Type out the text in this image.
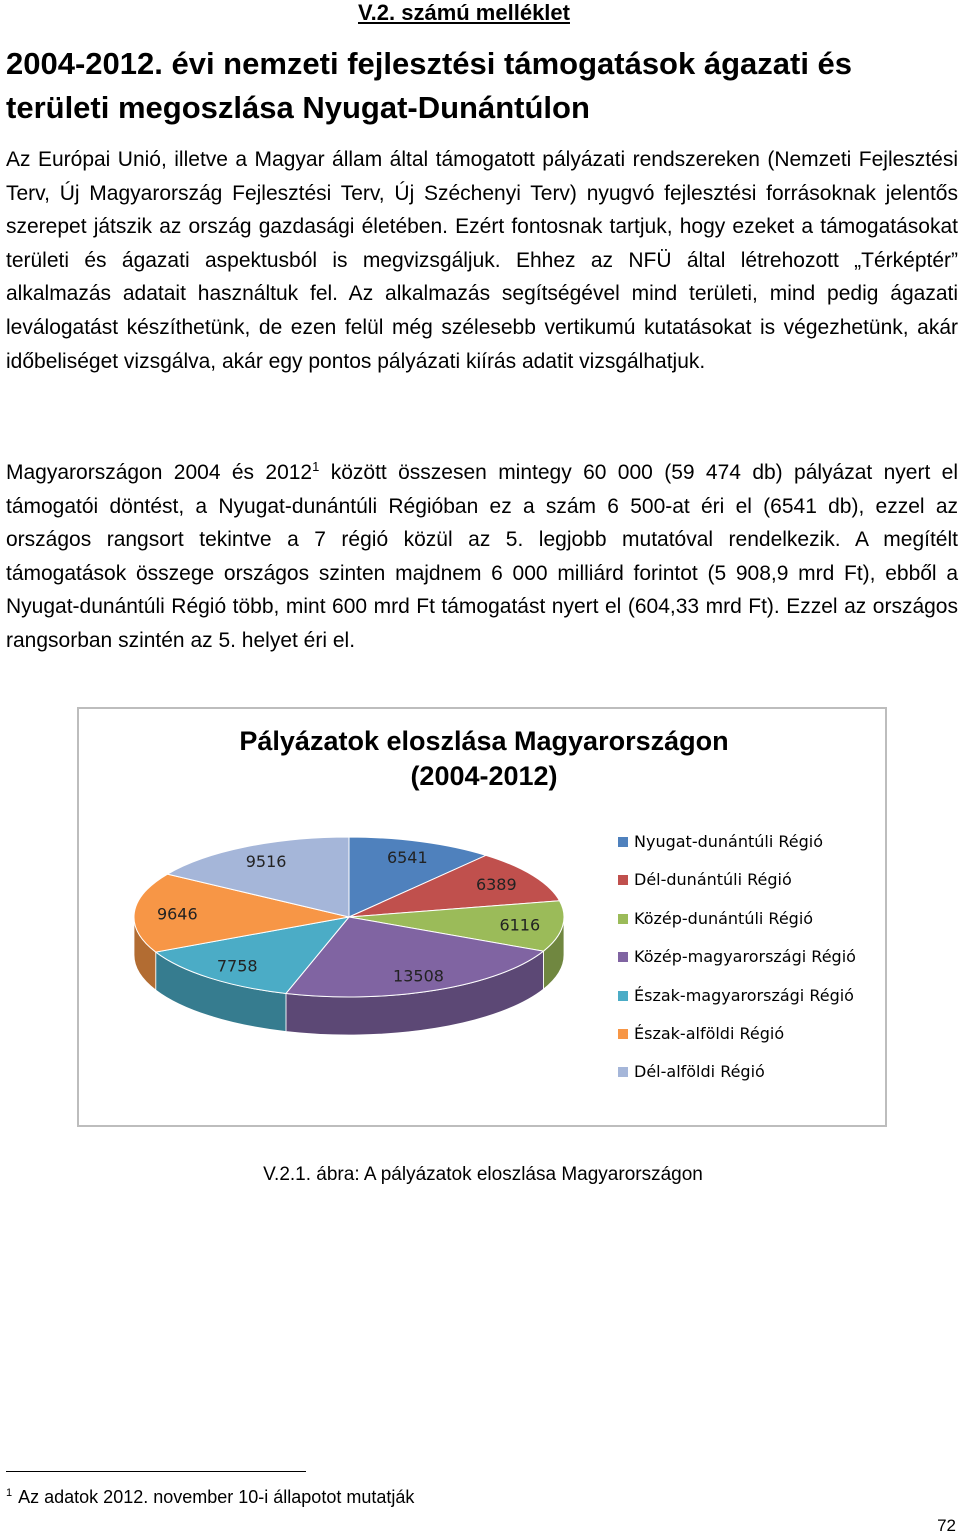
V.2. számú melléklet

2004-2012. évi nemzeti fejlesztési támogatások ágazati és
területi megoszlása Nyugat-Dunántúlon

Az Európai Unió, illetve a Magyar állam által támogatott pályázati rendszereken (Nemzeti Fejlesztési Terv, Új Magyarország Fejlesztési Terv, Új Széchenyi Terv) nyugvó fejlesztési forrásoknak jelentős szerepet játszik az ország gazdasági életében. Ezért fontosnak tartjuk, hogy ezeket a támogatásokat területi és ágazati aspektusból is megvizsgáljuk. Ehhez az NFÜ által létrehozott „Térképtér” alkalmazás adatait használtuk fel. Az alkalmazás segítségével mind területi, mind pedig ágazati leválogatást készíthetünk, de ezen felül még szélesebb vertikumú kutatásokat is végezhetünk, akár időbeliséget vizsgálva, akár egy pontos pályázati kiírás adatit vizsgálhatjuk.

Magyarországon 2004 és 2012$^1$ között összesen mintegy 60 000 (59 474 db) pályázat nyert el támogatói döntést, a Nyugat-dunántúli Régióban ez a szám 6 500-at éri el (6541 db), ezzel az országos rangsort tekintve a 7 régió közül az 5. legjobb mutatóval rendelkezik. A megítélt támogatások összege országos szinten majdnem 6 000 milliárd forintot (5 908,9 mrd Ft), ebből a Nyugat-dunántúli Régió több, mint 600 mrd Ft támogatást nyert el (604,33 mrd Ft). Ezzel az országos rangsorban szintén az 5. helyet éri el.

Pályázatok eloszlása Magyarországon
(2004-2012)
6541
6389
6116
13508
7758
9646
9516
Nyugat-dunántúli Régió
Dél-dunántúli Régió
Közép-dunántúli Régió
Közép-magyarországi Régió
Észak-magyarországi Régió
Észak-alföldi Régió
Dél-alföldi Régió

V.2.1. ábra: A pályázatok eloszlása Magyarországon

$^1$ Az adatok 2012. november 10-i állapotot mutatják

72
